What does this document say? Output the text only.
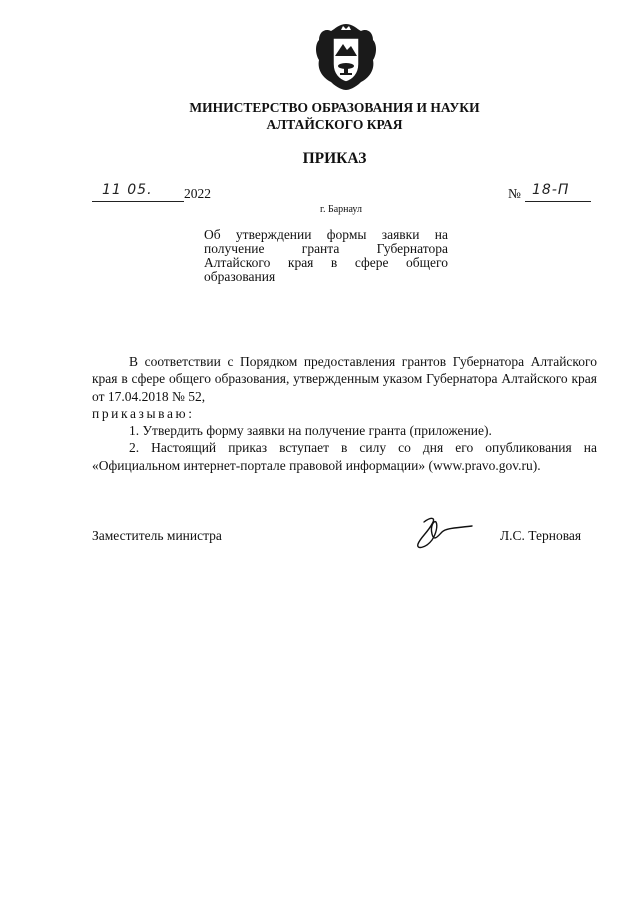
МИНИСТЕРСТВО ОБРАЗОВАНИЯ И НАУКИ
АЛТАЙСКОГО КРАЯ
ПРИКАЗ
11 05. 2022	№ 18-П
г. Барнаул
Об утверждении формы заявки на получение гранта Губернатора Алтайского края в сфере общего образования

В соответствии с Порядком предоставления грантов Губернатора Алтайского края в сфере общего образования, утвержденным указом Губернатора Алтайского края от 17.04.2018 № 52,

приказываю:

1. Утвердить форму заявки на получение гранта (приложение).

2. Настоящий приказ вступает в силу со дня его опубликования на «Официальном интернет-портале правовой информации» (www.pravo.gov.ru).

Заместитель министра	Л.С. Терновая
